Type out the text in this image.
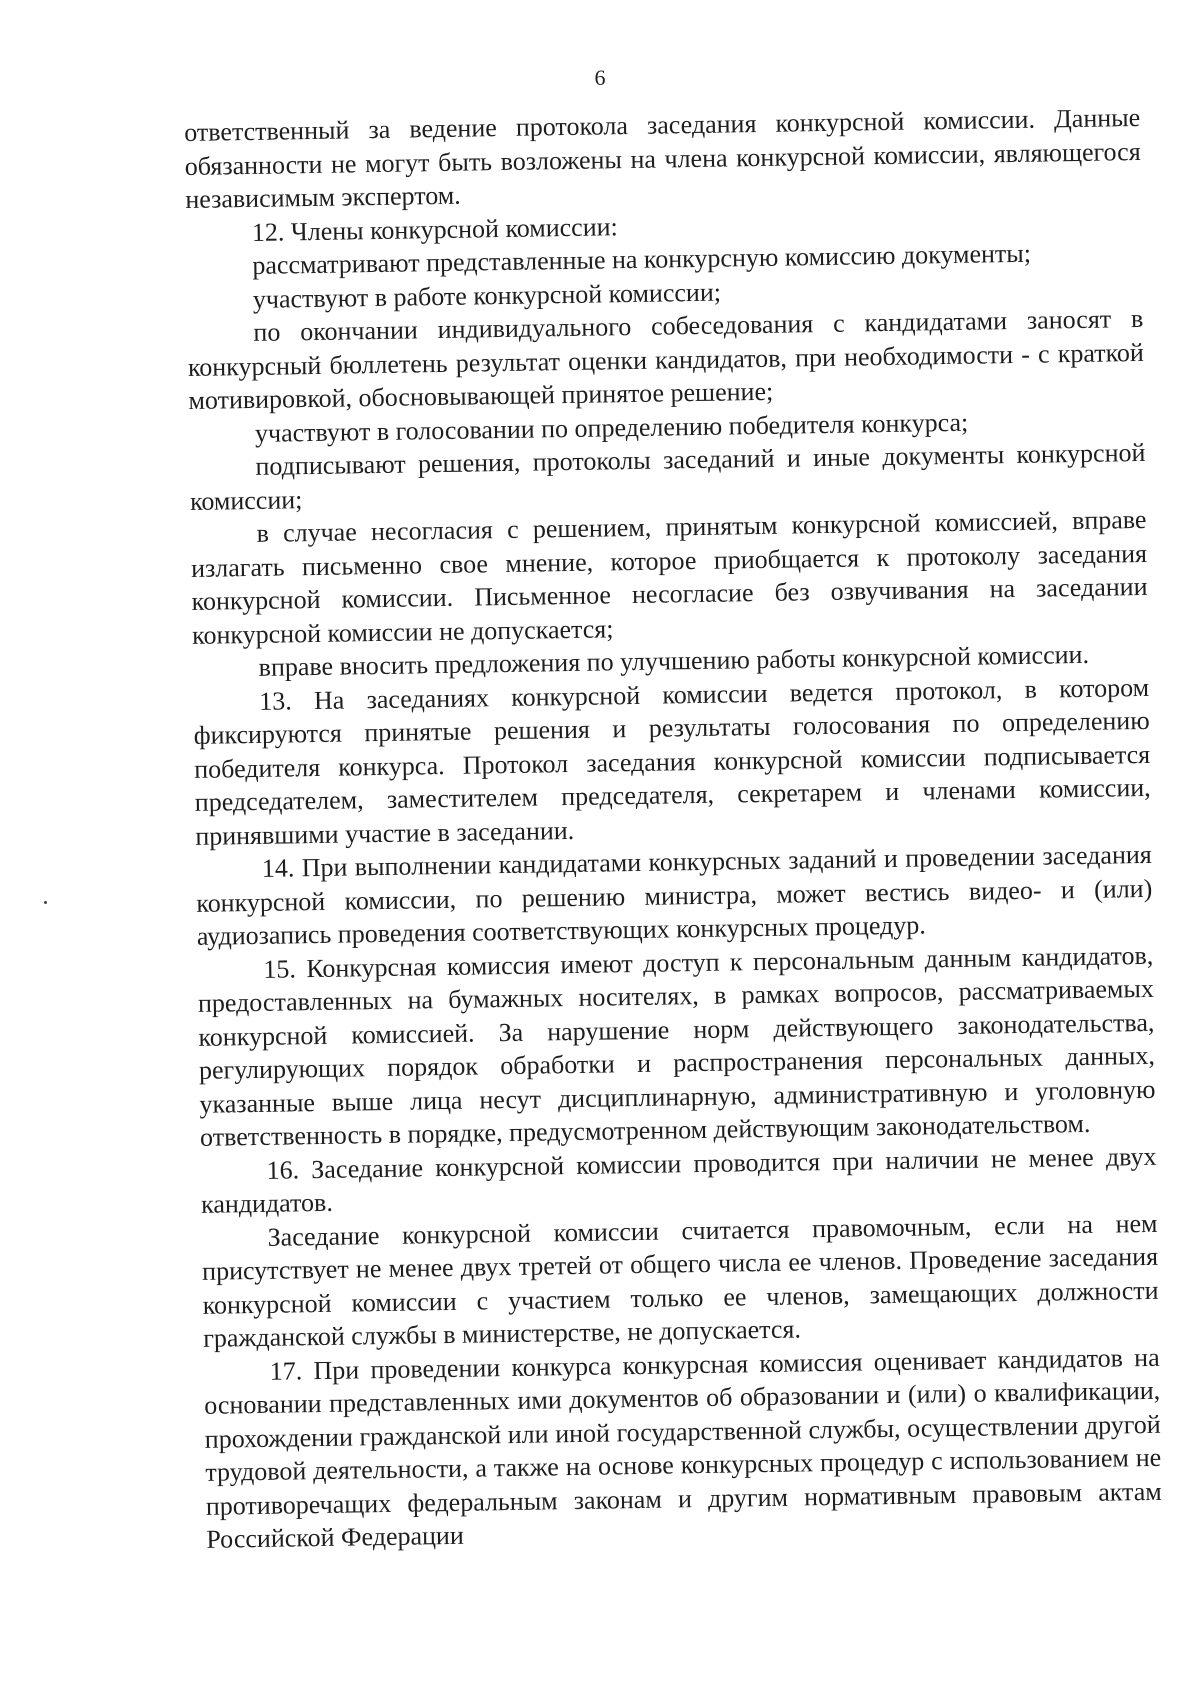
6

ответственный за ведение протокола заседания конкурсной комиссии. Данные обязанности не могут быть возложены на члена конкурсной комиссии, являющегося независимым экспертом.

12. Члены конкурсной комиссии:

рассматривают представленные на конкурсную комиссию документы;

участвуют в работе конкурсной комиссии;

по окончании индивидуального собеседования с кандидатами заносят в конкурсный бюллетень результат оценки кандидатов, при необходимости - с краткой мотивировкой, обосновывающей принятое решение;

участвуют в голосовании по определению победителя конкурса;

подписывают решения, протоколы заседаний и иные документы конкурсной комиссии;

в случае несогласия с решением, принятым конкурсной комиссией, вправе излагать письменно свое мнение, которое приобщается к протоколу заседания конкурсной комиссии. Письменное несогласие без озвучивания на заседании конкурсной комиссии не допускается;

вправе вносить предложения по улучшению работы конкурсной комиссии.

13. На заседаниях конкурсной комиссии ведется протокол, в котором фиксируются принятые решения и результаты голосования по определению победителя конкурса. Протокол заседания конкурсной комиссии подписывается председателем, заместителем председателя, секретарем и членами комиссии, принявшими участие в заседании.

14. При выполнении кандидатами конкурсных заданий и проведении заседания конкурсной комиссии, по решению министра, может вестись видео- и (или) аудиозапись проведения соответствующих конкурсных процедур.

15. Конкурсная комиссия имеют доступ к персональным данным кандидатов, предоставленных на бумажных носителях, в рамках вопросов, рассматриваемых конкурсной комиссией. За нарушение норм действующего законодательства, регулирующих порядок обработки и распространения персональных данных, указанные выше лица несут дисциплинарную, административную и уголовную ответственность в порядке, предусмотренном действующим законодательством.

16. Заседание конкурсной комиссии проводится при наличии не менее двух кандидатов.

Заседание конкурсной комиссии считается правомочным, если на нем присутствует не менее двух третей от общего числа ее членов. Проведение заседания конкурсной комиссии с участием только ее членов, замещающих должности гражданской службы в министерстве, не допускается.

17. При проведении конкурса конкурсная комиссия оценивает кандидатов на основании представленных ими документов об образовании и (или) о квалификации, прохождении гражданской или иной государственной службы, осуществлении другой трудовой деятельности, а также на основе конкурсных процедур с использованием не противоречащих федеральным законам и другим нормативным правовым актам Российской Федерации
